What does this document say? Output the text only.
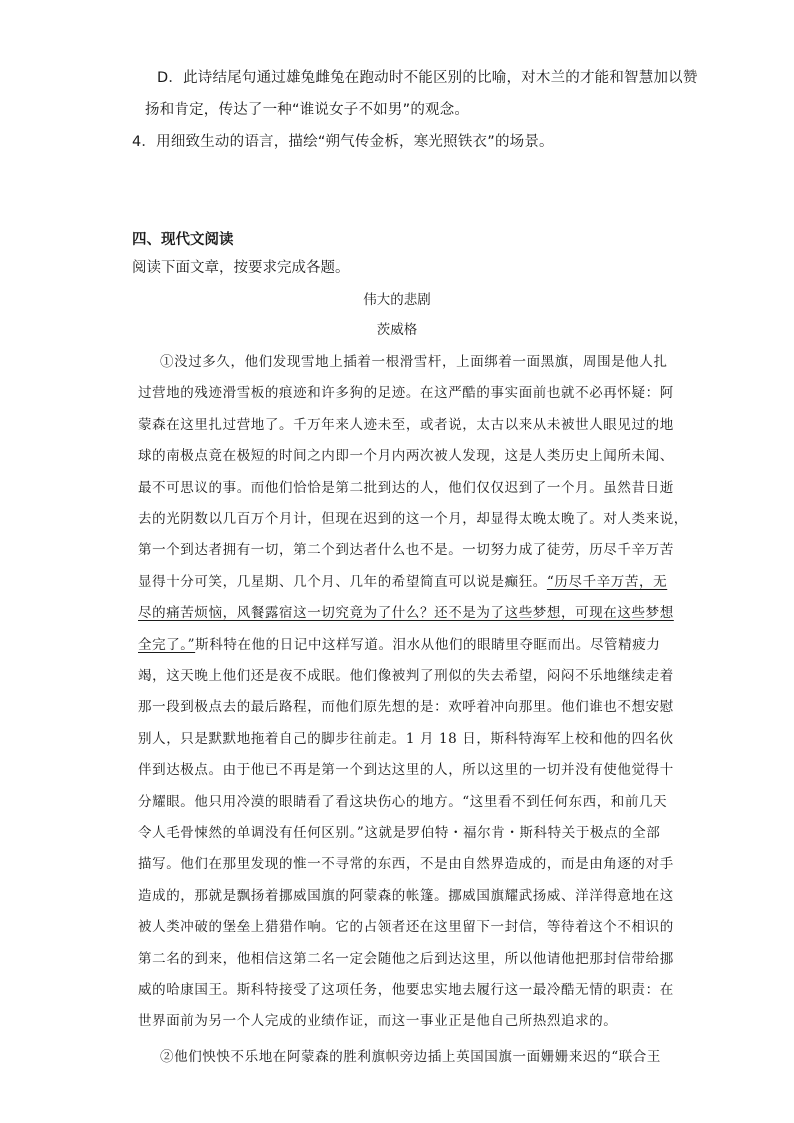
D．此诗结尾句通过雄兔雌兔在跑动时不能区别的比喻，对木兰的才能和智慧加以赞
扬和肯定，传达了一种“谁说女子不如男”的观念。
4．用细致生动的语言，描绘“朔气传金柝，寒光照铁衣”的场景。
四、现代文阅读
阅读下面文章，按要求完成各题。
伟大的悲剧
茨威格
①没过多久，他们发现雪地上插着一根滑雪杆，上面绑着一面黑旗，周围是他人扎
过营地的残迹滑雪板的痕迹和许多狗的足迹。在这严酷的事实面前也就不必再怀疑：阿
蒙森在这里扎过营地了。千万年来人迹未至，或者说，太古以来从未被世人眼见过的地
球的南极点竟在极短的时间之内即一个月内两次被人发现，这是人类历史上闻所未闻、
最不可思议的事。而他们恰恰是第二批到达的人，他们仅仅迟到了一个月。虽然昔日逝
去的光阴数以几百万个月计，但现在迟到的这一个月，却显得太晚太晚了。对人类来说，
第一个到达者拥有一切，第二个到达者什么也不是。一切努力成了徒劳，历尽千辛万苦
显得十分可笑，几星期、几个月、几年的希望简直可以说是癫狂。“历尽千辛万苦，无
尽的痛苦烦恼，风餐露宿这一切究竟为了什么？还不是为了这些梦想，可现在这些梦想
全完了。”斯科特在他的日记中这样写道。泪水从他们的眼睛里夺眶而出。尽管精疲力
竭，这天晚上他们还是夜不成眠。他们像被判了刑似的失去希望，闷闷不乐地继续走着
那一段到极点去的最后路程，而他们原先想的是：欢呼着冲向那里。他们谁也不想安慰
别人，只是默默地拖着自己的脚步往前走。1 月 18 日，斯科特海军上校和他的四名伙
伴到达极点。由于他已不再是第一个到达这里的人，所以这里的一切并没有使他觉得十
分耀眼。他只用冷漠的眼睛看了看这块伤心的地方。“这里看不到任何东西，和前几天
令人毛骨悚然的单调没有任何区别。”这就是罗伯特・福尔肯・斯科特关于极点的全部
描写。他们在那里发现的惟一不寻常的东西，不是由自然界造成的，而是由角逐的对手
造成的，那就是飘扬着挪威国旗的阿蒙森的帐篷。挪威国旗耀武扬威、洋洋得意地在这
被人类冲破的堡垒上猎猎作响。它的占领者还在这里留下一封信，等待着这个不相识的
第二名的到来，他相信这第二名一定会随他之后到达这里，所以他请他把那封信带给挪
威的哈康国王。斯科特接受了这项任务，他要忠实地去履行这一最冷酷无情的职责：在
世界面前为另一个人完成的业绩作证，而这一事业正是他自己所热烈追求的。
②他们怏怏不乐地在阿蒙森的胜利旗帜旁边插上英国国旗一面姗姗来迟的“联合王
